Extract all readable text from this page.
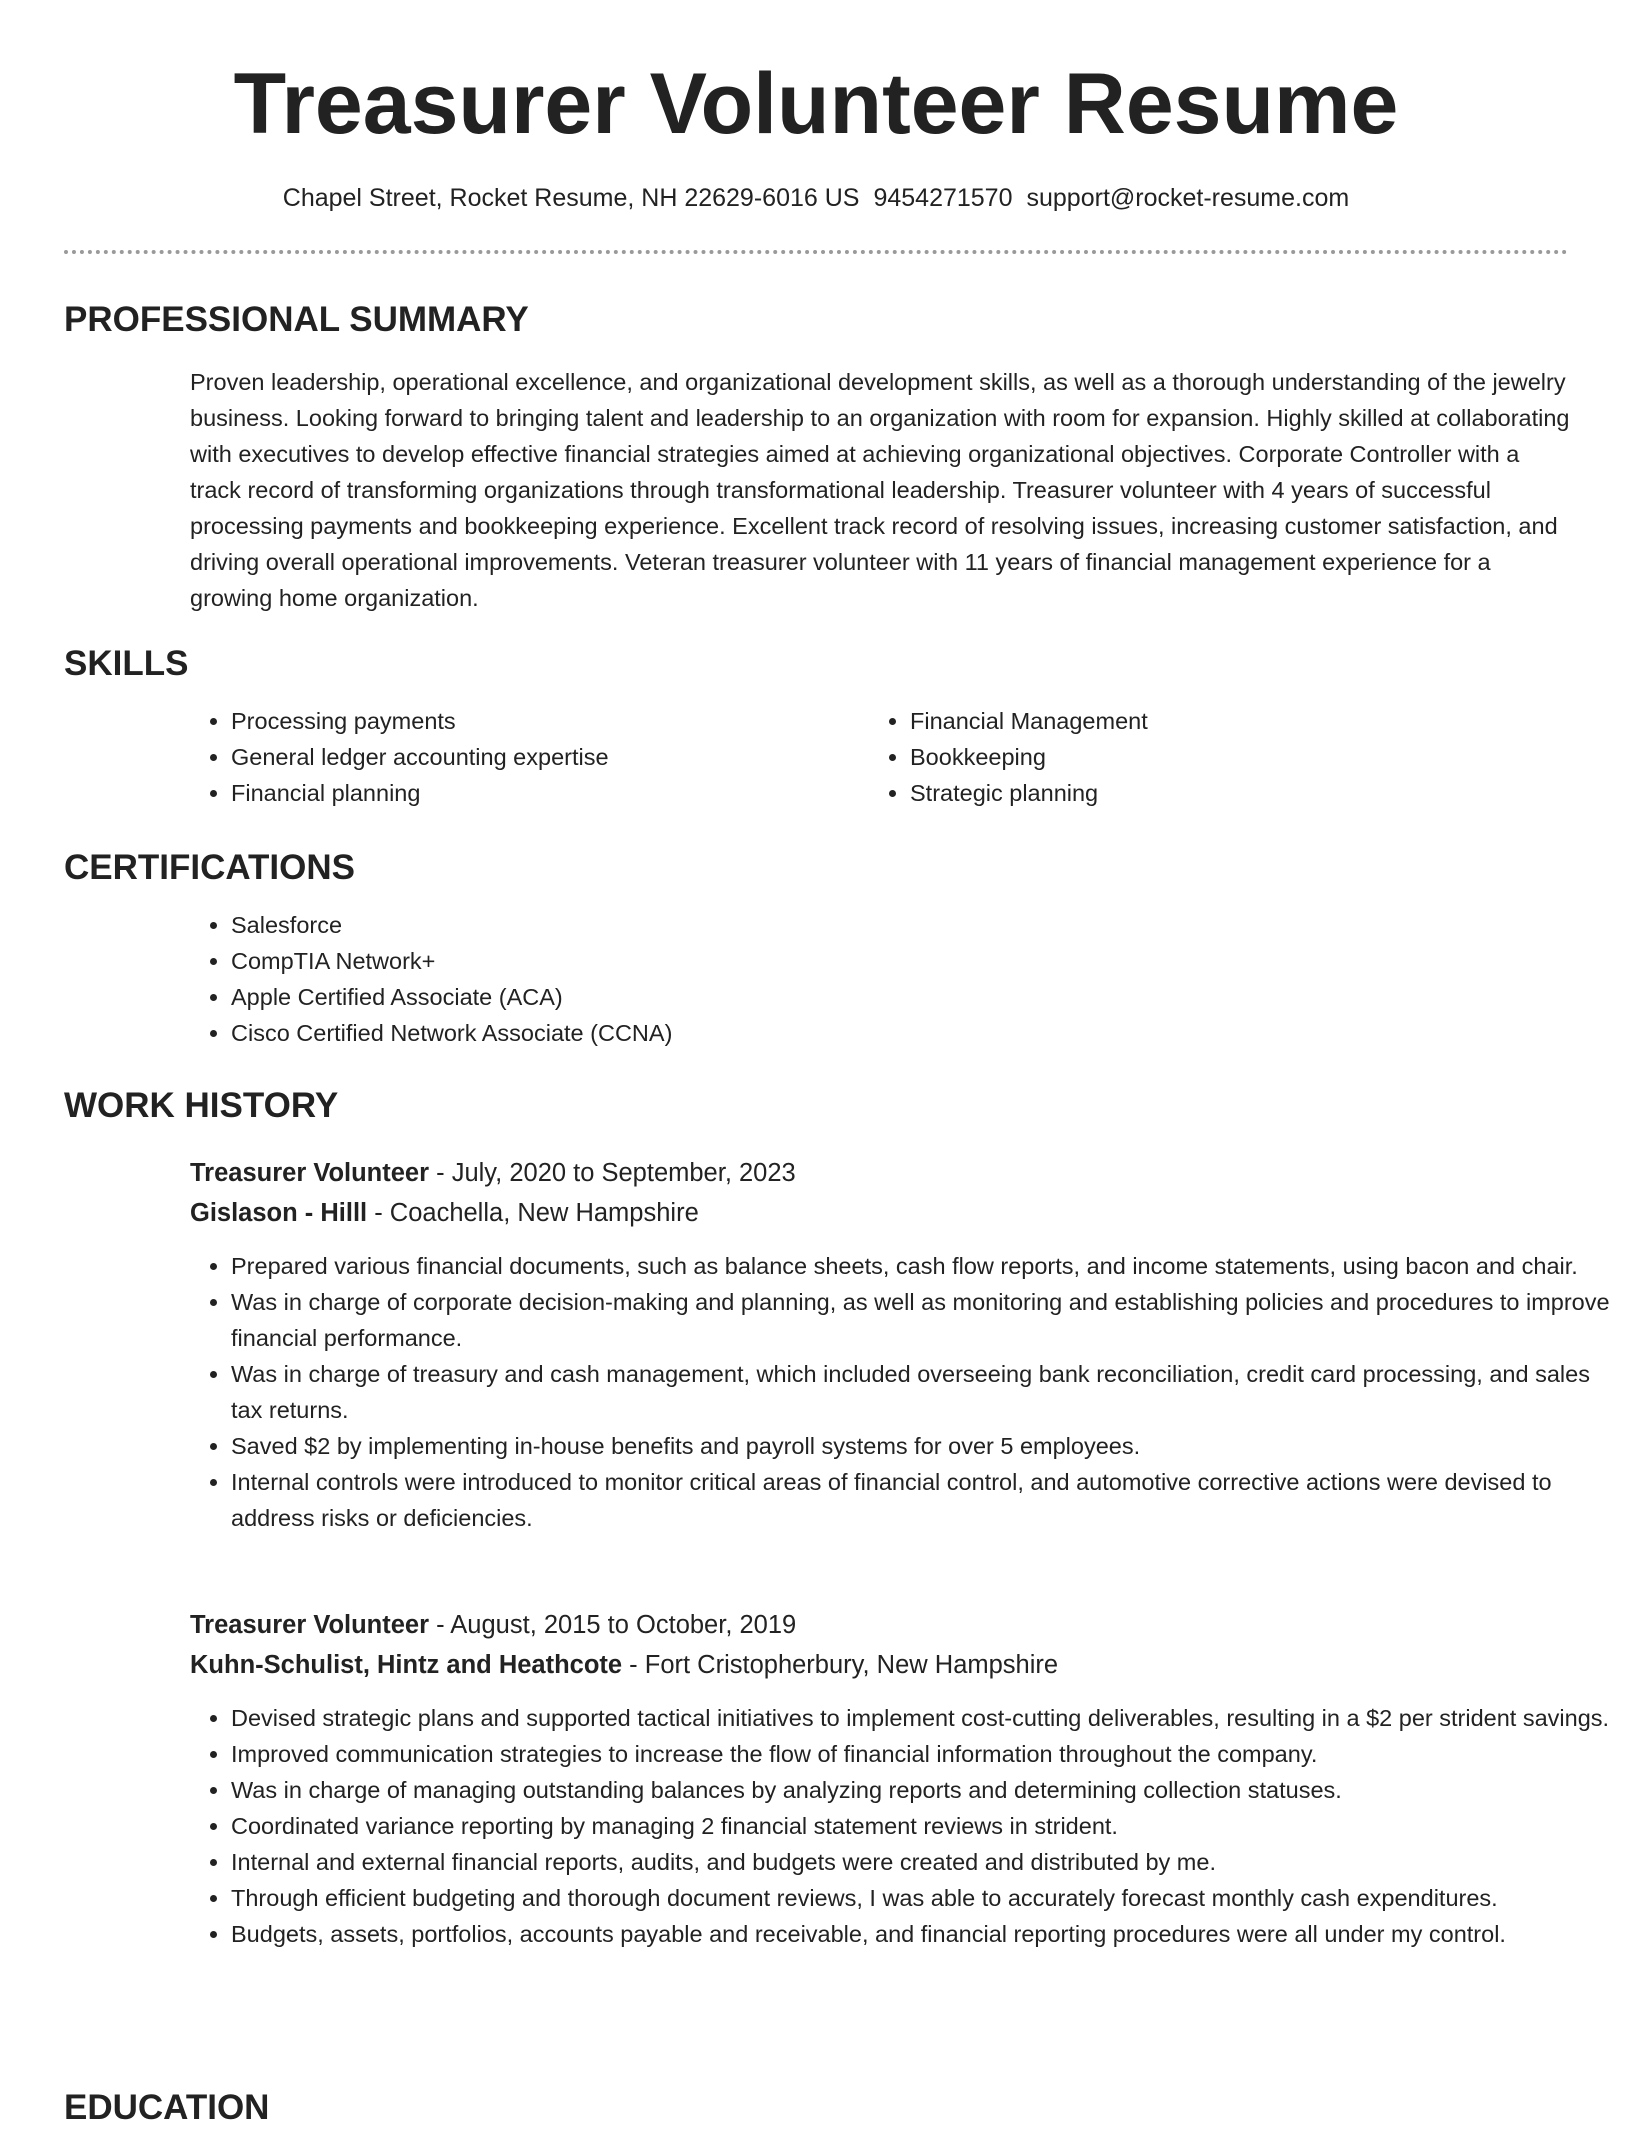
Treasurer Volunteer Resume
Chapel Street, Rocket Resume, NH 22629-6016 US 9454271570 support@rocket-resume.com
PROFESSIONAL SUMMARY

Proven leadership, operational excellence, and organizational development skills, as well as a thorough understanding of the jewelry business. Looking forward to bringing talent and leadership to an organization with room for expansion. Highly skilled at collaborating with executives to develop effective financial strategies aimed at achieving organizational objectives. Corporate Controller with a track record of transforming organizations through transformational leadership. Treasurer volunteer with 4 years of successful processing payments and bookkeeping experience. Excellent track record of resolving issues, increasing customer satisfaction, and driving overall operational improvements. Veteran treasurer volunteer with 11 years of financial management experience for a growing home organization.

SKILLS
• Processing payments
• General ledger accounting expertise
• Financial planning
• Financial Management
• Bookkeeping
• Strategic planning
CERTIFICATIONS
• Salesforce
• CompTIA Network+
• Apple Certified Associate (ACA)
• Cisco Certified Network Associate (CCNA)
WORK HISTORY
Treasurer Volunteer - July, 2020 to September, 2023
Gislason - Hilll - Coachella, New Hampshire
• Prepared various financial documents, such as balance sheets, cash flow reports, and income statements, using bacon and chair.
• Was in charge of corporate decision-making and planning, as well as monitoring and establishing policies and procedures to improve financial performance.
• Was in charge of treasury and cash management, which included overseeing bank reconciliation, credit card processing, and sales tax returns.
• Saved $2 by implementing in-house benefits and payroll systems for over 5 employees.
• Internal controls were introduced to monitor critical areas of financial control, and automotive corrective actions were devised to address risks or deficiencies.
Treasurer Volunteer - August, 2015 to October, 2019
Kuhn-Schulist, Hintz and Heathcote - Fort Cristopherbury, New Hampshire
• Devised strategic plans and supported tactical initiatives to implement cost-cutting deliverables, resulting in a $2 per strident savings.
• Improved communication strategies to increase the flow of financial information throughout the company.
• Was in charge of managing outstanding balances by analyzing reports and determining collection statuses.
• Coordinated variance reporting by managing 2 financial statement reviews in strident.
• Internal and external financial reports, audits, and budgets were created and distributed by me.
• Through efficient budgeting and thorough document reviews, I was able to accurately forecast monthly cash expenditures.
• Budgets, assets, portfolios, accounts payable and receivable, and financial reporting procedures were all under my control.
EDUCATION
